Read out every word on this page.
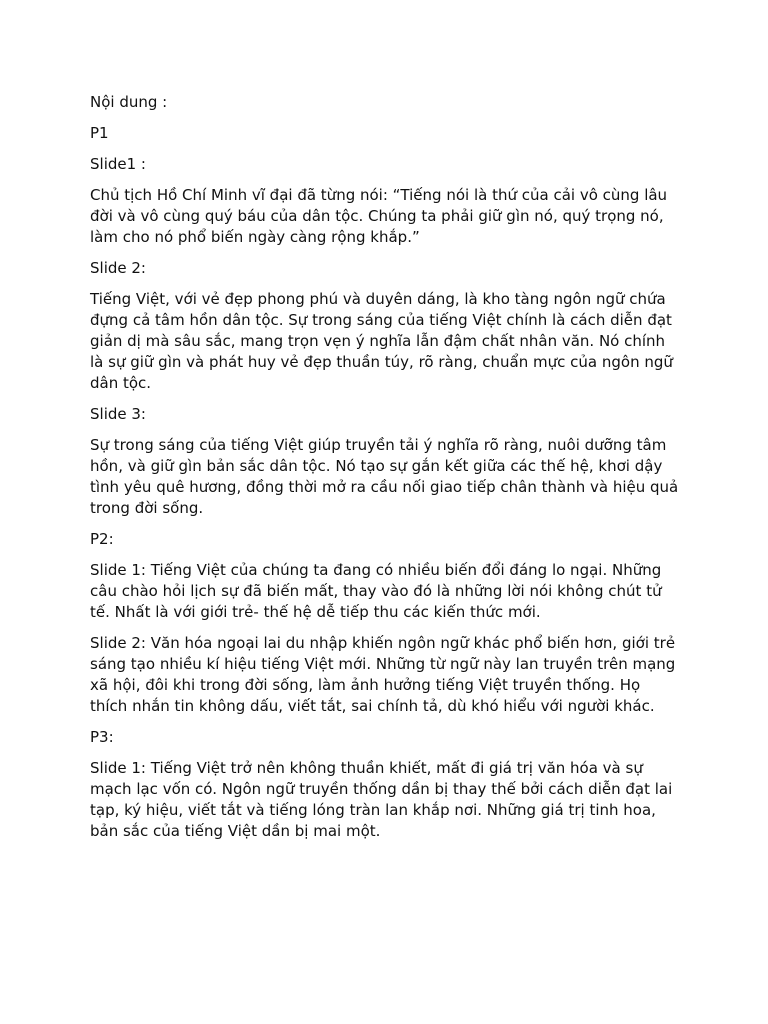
Nội dung :

P1

Slide1 :

Chủ tịch Hồ Chí Minh vĩ đại đã từng nói: “Tiếng nói là thứ của cải vô cùng lâu đời và vô cùng quý báu của dân tộc. Chúng ta phải giữ gìn nó, quý trọng nó, làm cho nó phổ biến ngày càng rộng khắp.”

Slide 2:

Tiếng Việt, với vẻ đẹp phong phú và duyên dáng, là kho tàng ngôn ngữ chứa đựng cả tâm hồn dân tộc. Sự trong sáng của tiếng Việt chính là cách diễn đạt giản dị mà sâu sắc, mang trọn vẹn ý nghĩa lẫn đậm chất nhân văn. Nó chính là sự giữ gìn và phát huy vẻ đẹp thuần túy, rõ ràng, chuẩn mực của ngôn ngữ dân tộc.

Slide 3:

Sự trong sáng của tiếng Việt giúp truyền tải ý nghĩa rõ ràng, nuôi dưỡng tâm hồn, và giữ gìn bản sắc dân tộc. Nó tạo sự gắn kết giữa các thế hệ, khơi dậy tình yêu quê hương, đồng thời mở ra cầu nối giao tiếp chân thành và hiệu quả trong đời sống.

P2:

Slide 1: Tiếng Việt của chúng ta đang có nhiều biến đổi đáng lo ngại. Những câu chào hỏi lịch sự đã biến mất, thay vào đó là những lời nói không chút tử tế. Nhất là với giới trẻ- thế hệ dễ tiếp thu các kiến thức mới.

Slide 2: Văn hóa ngoại lai du nhập khiến ngôn ngữ khác phổ biến hơn, giới trẻ sáng tạo nhiều kí hiệu tiếng Việt mới. Những từ ngữ này lan truyền trên mạng xã hội, đôi khi trong đời sống, làm ảnh hưởng tiếng Việt truyền thống. Họ thích nhắn tin không dấu, viết tắt, sai chính tả, dù khó hiểu với người khác.

P3:

Slide 1: Tiếng Việt trở nên không thuần khiết, mất đi giá trị văn hóa và sự mạch lạc vốn có. Ngôn ngữ truyền thống dần bị thay thế bởi cách diễn đạt lai tạp, ký hiệu, viết tắt và tiếng lóng tràn lan khắp nơi. Những giá trị tinh hoa, bản sắc của tiếng Việt dần bị mai một.
